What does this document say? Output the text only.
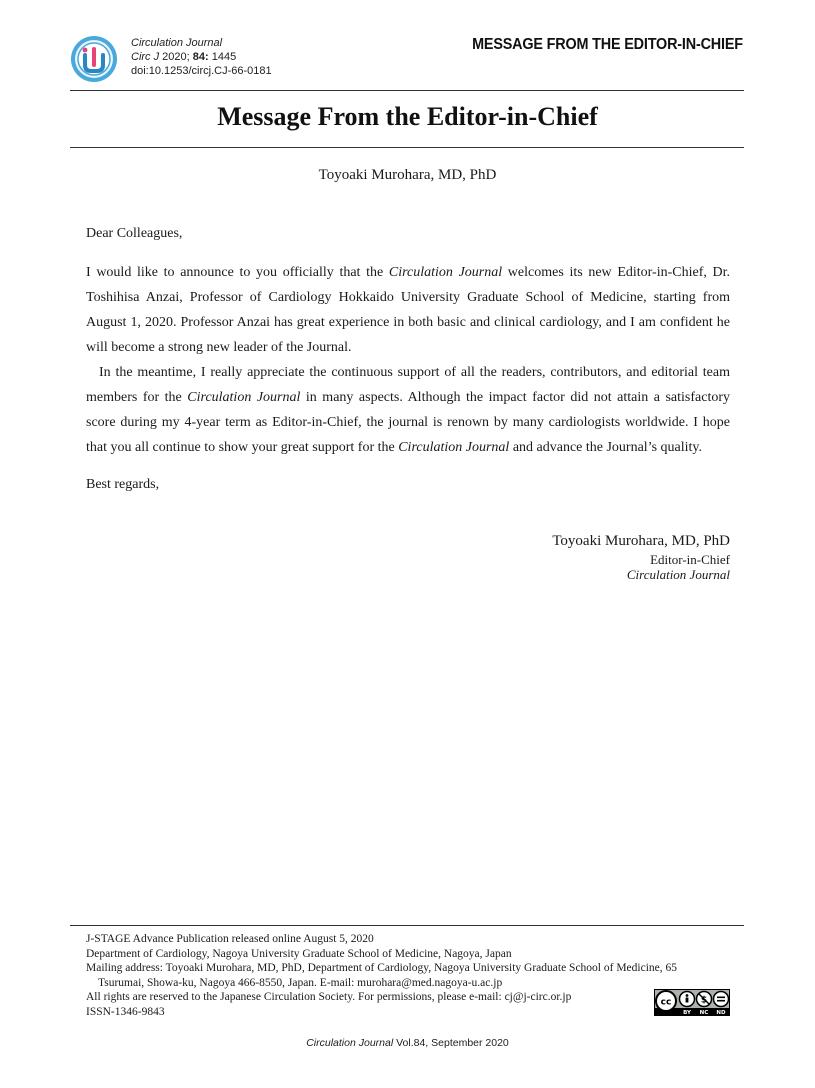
Circulation Journal
Circ J 2020; 84: 1445
doi:10.1253/circj.CJ-66-0181
MESSAGE FROM THE EDITOR-IN-CHIEF
Message From the Editor-in-Chief
Toyoaki Murohara, MD, PhD
Dear Colleagues,

I would like to announce to you officially that the Circulation Journal welcomes its new Editor-in-Chief, Dr. Toshihisa Anzai, Professor of Cardiology Hokkaido University Graduate School of Medicine, starting from August 1, 2020. Professor Anzai has great experience in both basic and clinical cardiology, and I am confident he will become a strong new leader of the Journal.

In the meantime, I really appreciate the continuous support of all the readers, contributors, and editorial team members for the Circulation Journal in many aspects. Although the impact factor did not attain a satisfactory score during my 4-year term as Editor-in-Chief, the journal is renown by many cardiologists worldwide. I hope that you all continue to show your great support for the Circulation Journal and advance the Journal’s quality.

Best regards,
Toyoaki Murohara, MD, PhD
Editor-in-Chief
Circulation Journal
J-STAGE Advance Publication released online August 5, 2020
Department of Cardiology, Nagoya University Graduate School of Medicine, Nagoya, Japan
Mailing address: Toyoaki Murohara, MD, PhD, Department of Cardiology, Nagoya University Graduate School of Medicine, 65
Tsurumai, Showa-ku, Nagoya 466-8550, Japan. E-mail: murohara@med.nagoya-u.ac.jp
All rights are reserved to the Japanese Circulation Society. For permissions, please e-mail: cj@j-circ.or.jp
ISSN-1346-9843
cc	$
BY NC ND
Circulation Journal Vol.84, September 2020
